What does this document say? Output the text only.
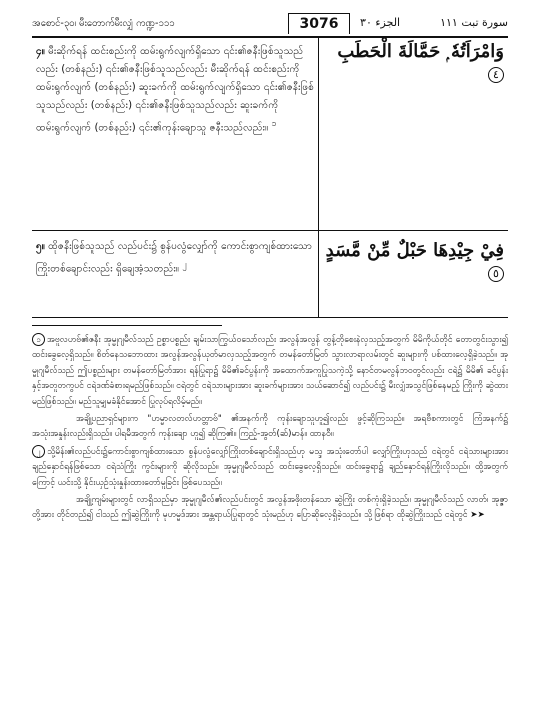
အစောင်-၃၀၊ မီးတောက်မီးလျှံ ကဏ္ဍ-၁၁၁	3076	سورة تبت ١١١الجزء ٣٠
၄။ မီးဆိုက်ရန် ထင်းစည်းကို ထမ်းရွက်လျက်ရှိသော ၎င်း၏ဇနီးဖြစ်သူသည်လည်း (တစ်နည်း) ၎င်း၏ဇနီးဖြစ်သူသည်လည်း မီးဆိုက်ရန် ထင်းစည်းကို ထမ်းရွက်လျက် (တစ်နည်း) ဆူးခက်ကို ထမ်းရွက်လျက်ရှိသော ၎င်း၏ဇနီးဖြစ်သူသည်လည်း (တစ်နည်း) ၎င်း၏ဇနီးဖြစ်သူသည်လည်း ဆူးခက်ကို ထမ်းရွက်လျက် (တစ်နည်း) ၎င်း၏ကုန်းချောသူ ဇနီးသည်လည်း။ $^၁$
وَامْرَاَتُهٗ ۭ حَمَّالَةَ الْحَطَبِ ٤
၅။ ထိုဇနီးဖြစ်သူသည် လည်ပင်း၌ စွန်ပလွံလျှော်ကို ကောင်းစွာကျစ်ထားသော ကြိုးတစ်ချောင်းလည်း ရှိချေအံ့သတည်း။ $^၂$
فِيْ جِيْدِهَا حَبْلٌ مِّنْ مَّسَدٍ ٥

၁ အဗူလဟဗ်၏ဇနီး အုမ္မုဂျမီလ်သည် ဥစ္စာပစ္စည်း ချမ်းသာကြွယ်ဝသော်လည်း အလွန်အလွန် တွန့်တိုစေးနဲလှသည့်အတွက် မိမိကိုယ်တိုင် တောတွင်းသွား၍ ထင်းခွေလေ့ရှိသည်။ စိတ်နေသဘောထား အလွန်အလွန်ယုတ်မာလှသည့်အတွက် တမန်တော်မြတ် သွားလာရာလမ်းတွင် ဆူးများကို ပစ်ထားလေ့ရှိခဲ့သည်။ အုမ္မုဂျမီလ်သည် ဤပစ္စည်းများ တမန်တော်မြတ်အား ရန်ပြုရာ၌ မိမိ၏ခင်ပွန်းကို အထောက်အကူပြုသကဲ့သို့ နောင်တမလွန်ဘဝတွင်လည်း ငရဲ၌ မိမိ၏ ခင်ပွန်းနှင့်အတူတကွပင် ငရဲဒဏ်ခံစားရမည်ဖြစ်သည်။ ငရဲတွင် ငရဲသားများအား ဆူးခက်များအား သယ်ဆောင်၍ လည်ပင်း၌ မီးလျှံအသွင်ဖြစ်နေမည့် ကြိုးကို ဆွဲထားမည်ဖြစ်သည်။ မည်သူမျှမခံနိုင်အောင် ပြုလုပ်ရလိမ့်မည်။

အချို့ပညာရှင်များက "ဟမ္မာလတလ်ဟတ္တာဗ်" ၏အနက်ကို ကုန်းချောသူဟူ၍လည်း ဖွင့်ဆိုကြသည်။ အရဗီစကားတွင် ကြံအနက်၌ အသုံးအနှုန်းလည်းရှိသည်။ ပါရမီအတွက် ကုန်းချော ဟူ၍ ဆိုကြ၏။ ကြည့်-အွတ်(ဆ်)မာန်။ ထာနဝီ။

၂ သို့မိန်း၏လည်ပင်း၌ကောင်းစွာကျစ်ထားသော စွန်ပလွံလျှော်ကြိုးတစ်ချောင်းရှိသည်ဟု မသ္ဒ အသုံးတော်ပါ လျှော်ကြိုးဟုသည် ငရဲတွင် ငရဲသားများအား ချည်နှောင်ရန်ဖြစ်သော ငရဲသံကြိုး ကွင်းများကို ဆိုလိုသည်။ အုမ္မုဂျမီလ်သည် ထင်းခွေလေ့ရှိသည်။ ထင်းခွေရာ၌ ချည်နှောင်ရန်ကြိုးလိုသည်။ ထို့အတွက်ကြောင့် ယင်းသို့ နိုင်းယှဉ်သုံးနှုန်းထားတော်မူခြင်း ဖြစ်ပေသည်။

အချို့ကျမ်းများတွင် လာရှိသည်မှာ အုမ္မုဂျမီလ်၏လည်ပင်းတွင် အလွန်အဖိုးတန်သော ဆွဲကြိုး တစ်ကုံးရှိခဲ့သည်။ အုမ္မုဂျမီလ်သည် လာတ်၊ အုဇ္ဇာ တို့အား တိုင်တည်၍ ငါသည် ဤဆွဲကြိုးကို မုဟမ္မဒ်အား အန္တရာယ်ပြုရာတွင် သုံးမည်ဟု ပြောဆိုလေ့ရှိခဲ့သည်။ သို့ဖြစ်ရာ ထိုဆွဲကြိုးသည် ငရဲတွင် ➤➤
